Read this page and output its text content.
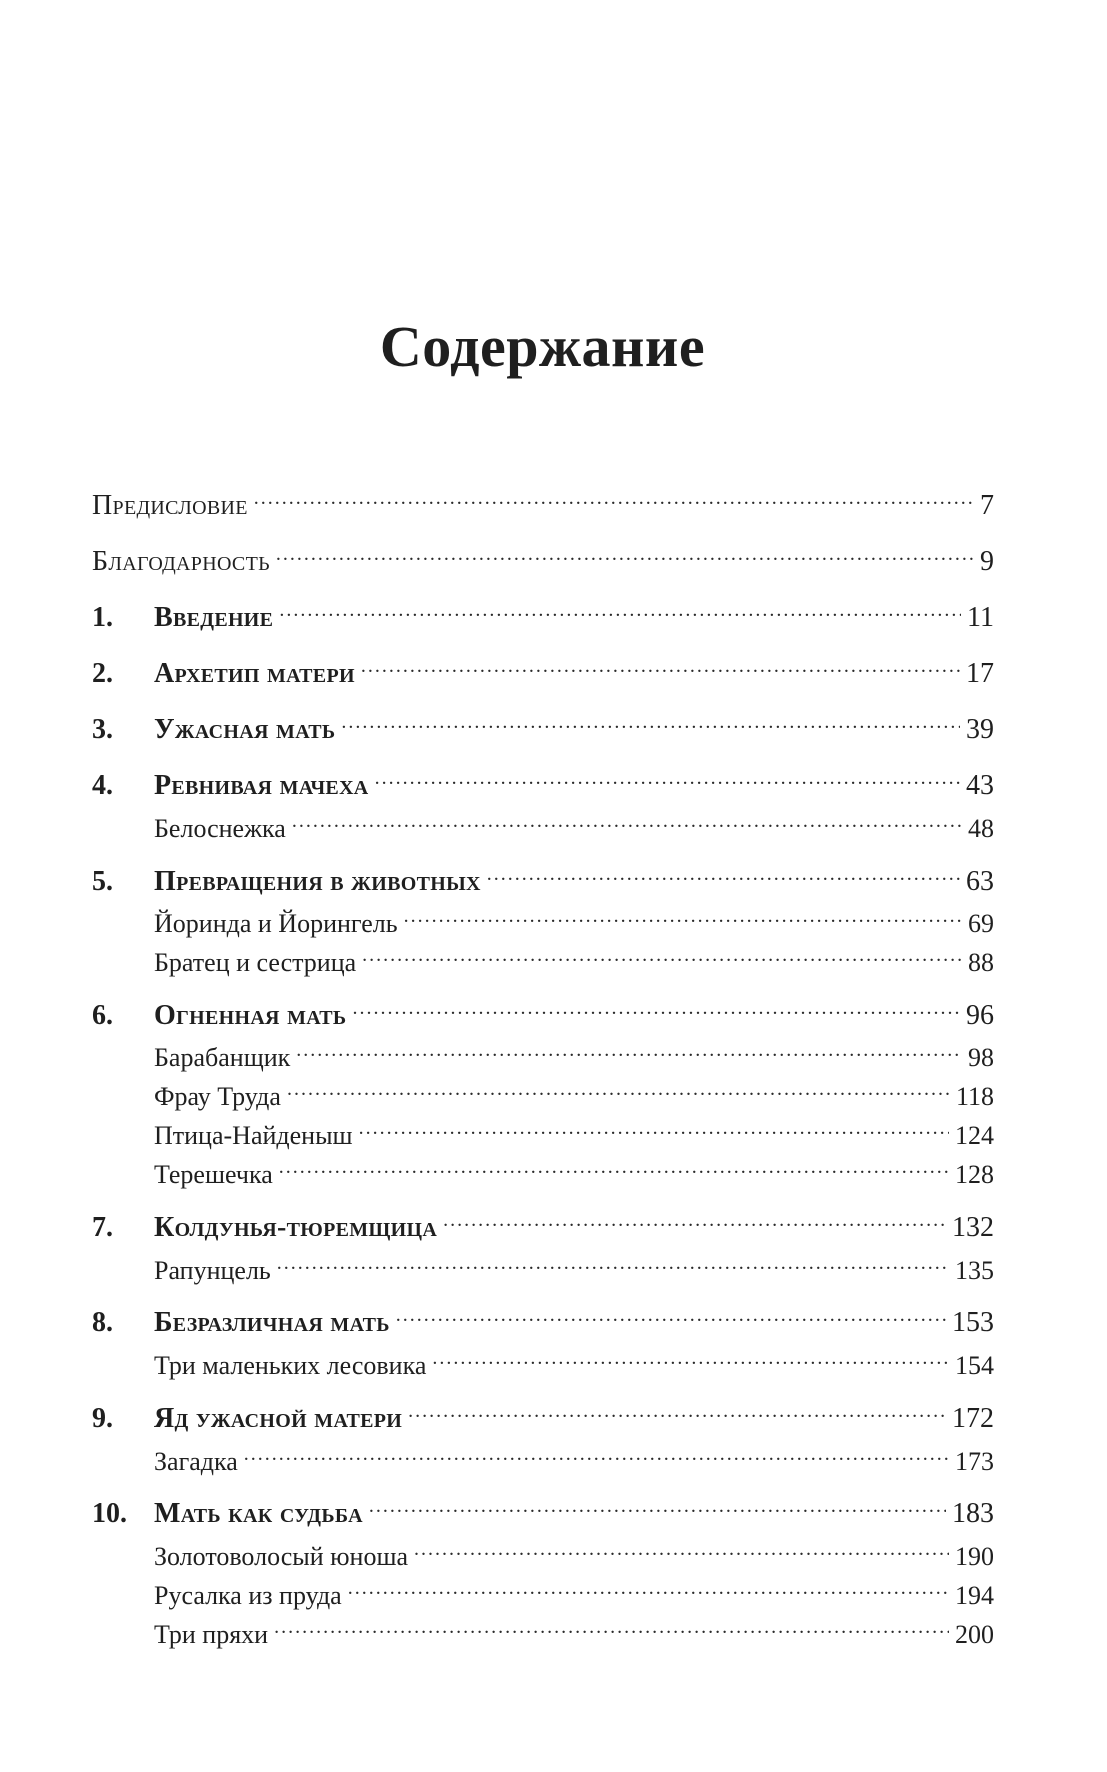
Содержание
Предисловие .....	7
Благодарность .....	9
1.	Введение .....	11
2.	Архетип матери .....	17
3.	Ужасная мать .....	39
4.	Ревнивая мачеха .....	43
Белоснежка .....	48
5.	Превращения в животных .....	63
Йоринда и Йорингель .....	69
Братец и сестрица .....	88
6.	Огненная мать .....	96
Барабанщик .....	98
Фрау Труда .....	118
Птица-Найденыш .....	124
Терешечка .....	128
7.	Колдунья-тюремщица .....	132
Рапунцель .....	135
8.	Безразличная мать .....	153
Три маленьких лесовика .....	154
9.	Яд ужасной матери .....	172
Загадка .....	173
10. Мать как судьба .....	183
Золотоволосый юноша .....	190
Русалка из пруда .....	194
Три пряхи .....	200
